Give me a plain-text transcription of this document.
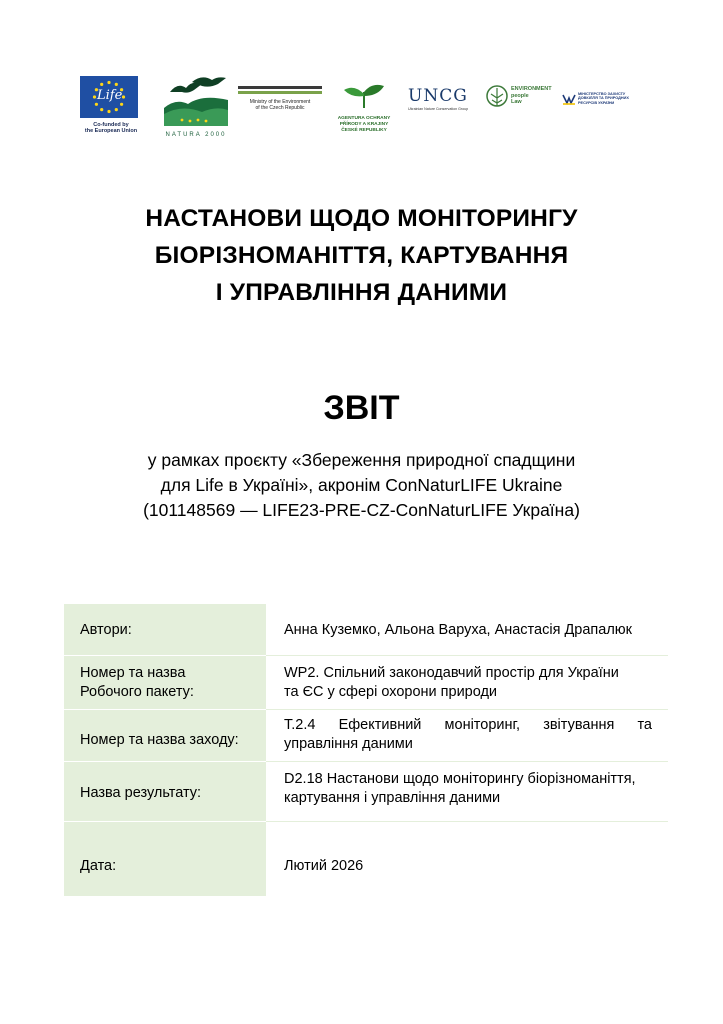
Life
Co-funded by
the European Union
NATURA 2000
Ministry of the Environment
of the Czech Republic
AGENTURA OCHRANY
PŘÍRODY A KRAJINY
ČESKÉ REPUBLIKY
UNCG
Ukrainian Nature Conservation Group
ENVIRONMENT
people
Law
МІНІСТЕРСТВО ЗАХИСТУ
ДОВКІЛЛЯ ТА ПРИРОДНИХ
РЕСУРСІВ УКРАЇНИ
НАСТАНОВИ ЩОДО МОНІТОРИНГУ
БІОРІЗНОМАНІТТЯ, КАРТУВАННЯ
І УПРАВЛІННЯ ДАНИМИ
ЗВІТ
у рамках проєкту «Збереження природної спадщини
для Life в Україні», акронім ConNaturLIFE Ukraine
(101148569 — LIFE23-PRE-CZ-ConNaturLIFE Україна)
Автори:	Анна Куземко, Альона Варуха, Анастасія Драпалюк
Номер та назва
Робочого пакету:
WP2. Спільний законодавчий простір для України
та ЄС у сфері охорони природи
Номер та назва заходу:
Т.2.4 Ефективний моніторинг, звітування та
управління даними
Назва результату:
D2.18 Настанови щодо моніторингу біорізноманіття,
картування і управління даними
Дата:	Лютий 2026
